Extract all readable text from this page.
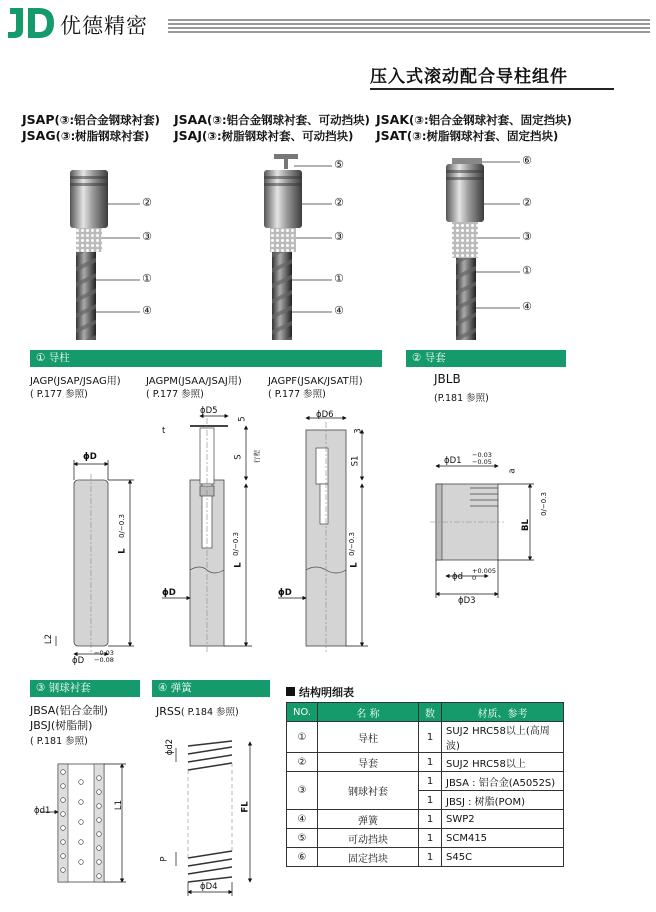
优德精密
压入式滚动配合导柱组件
JSAP(③:铝合金钢球衬套)
JSAG(③:树脂钢球衬套)
JSAA(③:铝合金钢球衬套、可动挡块)
JSAJ(③:树脂钢球衬套、可动挡块)
JSAK(③:铝合金钢球衬套、固定挡块)
JSAT(③:树脂钢球衬套、固定挡块)
②
③
①
④
⑤
②
③
①
④
⑥
②
③
①
④
① 导柱	② 导套
JAGP(JSAP/JSAG用)
( P.177 参照)
JAGPM(JSAA/JSAJ用)
( P.177 参照)
JAGPF(JSAK/JSAT用)
( P.177 参照)
JBLB
(P.181 参照)
ϕD
L
0/−0.3
L2
ϕD
−0.03
−0.08
ϕD5
5
t
S 行程
L
0/−0.3
ϕD
ϕD6
3
S1
L
0/−0.3
ϕD
ϕD1
−0.03
−0.05
a
BL
0/−0.3
ϕd
+0.005
0
ϕD3
③ 钢球衬套	④ 弹簧
JBSA(铝合金制)
JBSJ(树脂制)
( P.181 参照)
JRSS( P.184 参照)
ϕd1
L1
ϕd2
FL
P
ϕD4
结构明细表
NO.	名 称	数	材质、参考
①	导柱	1	SUJ2 HRC58以上(高周波)
②	导套	1	SUJ2 HRC58以上
③	钢球衬套	1	JBSA : 铝合金(A5052S)
		1	JBSJ : 树脂(POM)
④	弹簧	1	SWP2
⑤	可动挡块	1	SCM415
⑥	固定挡块	1	S45C
